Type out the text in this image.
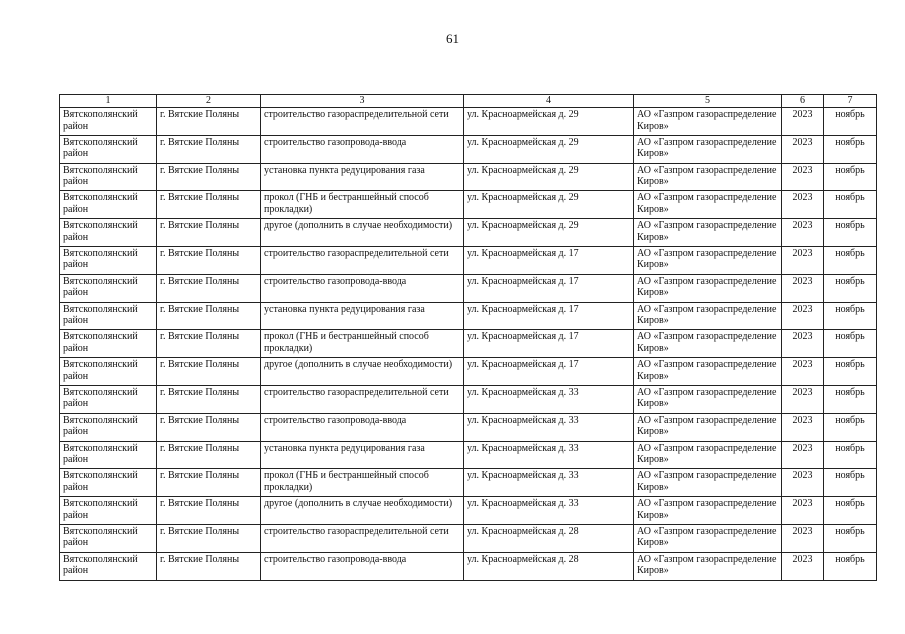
61
1	2	3	4	5	6	7
Вятскополянский район	г. Вятские Поляны	строительство газораспределительной сети	ул. Красноармейская д. 29	АО «Газпром газораспределение Киров»	2023	ноябрь
Вятскополянский район	г. Вятские Поляны	строительство газопровода-ввода	ул. Красноармейская д. 29	АО «Газпром газораспределение Киров»	2023	ноябрь
Вятскополянский район	г. Вятские Поляны	установка пункта редуцирования газа	ул. Красноармейская д. 29	АО «Газпром газораспределение Киров»	2023	ноябрь
Вятскополянский район	г. Вятские Поляны	прокол (ГНБ и бестраншейный способ прокладки)	ул. Красноармейская д. 29	АО «Газпром газораспределение Киров»	2023	ноябрь
Вятскополянский район	г. Вятские Поляны	другое (дополнить в случае необходимости)	ул. Красноармейская д. 29	АО «Газпром газораспределение Киров»	2023	ноябрь
Вятскополянский район	г. Вятские Поляны	строительство газораспределительной сети	ул. Красноармейская д. 17	АО «Газпром газораспределение Киров»	2023	ноябрь
Вятскополянский район	г. Вятские Поляны	строительство газопровода-ввода	ул. Красноармейская д. 17	АО «Газпром газораспределение Киров»	2023	ноябрь
Вятскополянский район	г. Вятские Поляны	установка пункта редуцирования газа	ул. Красноармейская д. 17	АО «Газпром газораспределение Киров»	2023	ноябрь
Вятскополянский район	г. Вятские Поляны	прокол (ГНБ и бестраншейный способ прокладки)	ул. Красноармейская д. 17	АО «Газпром газораспределение Киров»	2023	ноябрь
Вятскополянский район	г. Вятские Поляны	другое (дополнить в случае необходимости)	ул. Красноармейская д. 17	АО «Газпром газораспределение Киров»	2023	ноябрь
Вятскополянский район	г. Вятские Поляны	строительство газораспределительной сети	ул. Красноармейская д. 33	АО «Газпром газораспределение Киров»	2023	ноябрь
Вятскополянский район	г. Вятские Поляны	строительство газопровода-ввода	ул. Красноармейская д. 33	АО «Газпром газораспределение Киров»	2023	ноябрь
Вятскополянский район	г. Вятские Поляны	установка пункта редуцирования газа	ул. Красноармейская д. 33	АО «Газпром газораспределение Киров»	2023	ноябрь
Вятскополянский район	г. Вятские Поляны	прокол (ГНБ и бестраншейный способ прокладки)	ул. Красноармейская д. 33	АО «Газпром газораспределение Киров»	2023	ноябрь
Вятскополянский район	г. Вятские Поляны	другое (дополнить в случае необходимости)	ул. Красноармейская д. 33	АО «Газпром газораспределение Киров»	2023	ноябрь
Вятскополянский район	г. Вятские Поляны	строительство газораспределительной сети	ул. Красноармейская д. 28	АО «Газпром газораспределение Киров»	2023	ноябрь
Вятскополянский район	г. Вятские Поляны	строительство газопровода-ввода	ул. Красноармейская д. 28	АО «Газпром газораспределение Киров»	2023	ноябрь
